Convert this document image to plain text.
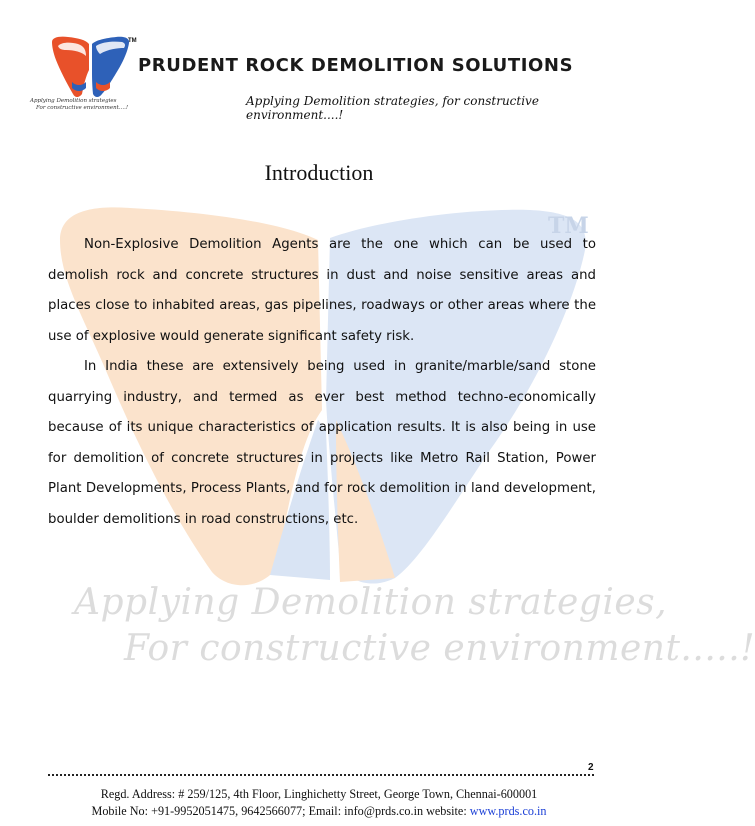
TM
Applying Demolition strategies,
For constructive environment.....!
TM
Applying Demolition strategies
For constructive environment....!
PRUDENT ROCK DEMOLITION SOLUTIONS
Applying Demolition strategies, for constructive environment....!
Introduction

Non-Explosive Demolition Agents are the one which can be used to demolish rock and concrete structures in dust and noise sensitive areas and places close to inhabited areas, gas pipelines, roadways or other areas where the use of explosive would generate significant safety risk.

In India these are extensively being used in granite/marble/sand stone quarrying industry, and termed as ever best method techno-economically because of its unique characteristics of application results. It is also being in use for demolition of concrete structures in projects like Metro Rail Station, Power Plant Developments, Process Plants, and for rock demolition in land development, boulder demolitions in road constructions, etc.

2
Regd. Address: # 259/125, 4th Floor, Linghichetty Street, George Town, Chennai-600001
Mobile No: +91-9952051475, 9642566077; Email: info@prds.co.in website: www.prds.co.in
